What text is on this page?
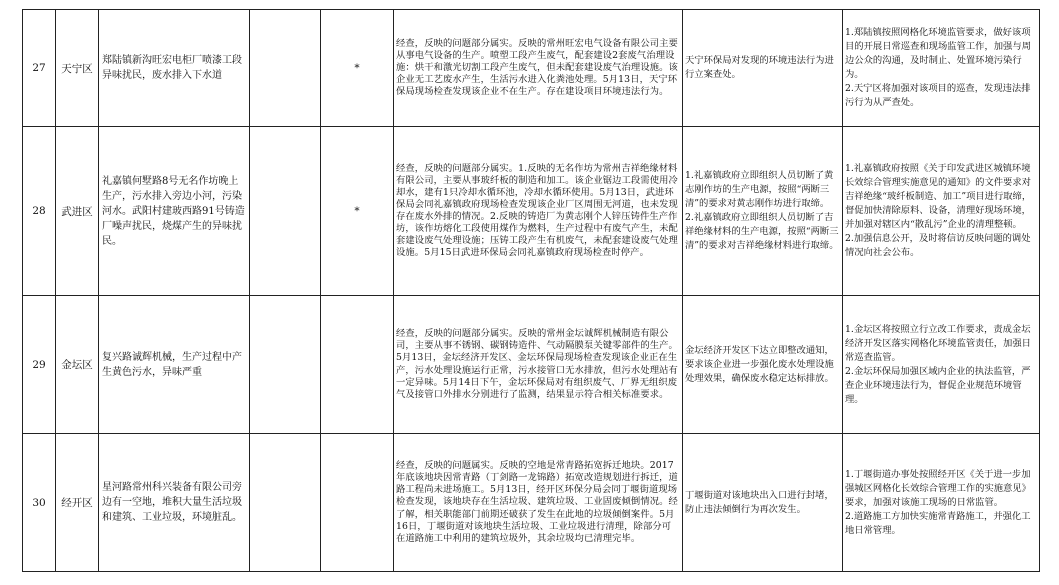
27	天宁区	郑陆镇新沟旺宏电柜厂喷漆工段异味扰民，废水排入下水道		*	经查，反映的问题部分属实。反映的常州旺宏电气设备有限公司主要从事电气设备的生产。喷塑工段产生废气，配套建设2套废气治理设施：烘干和激光切割工段产生废气，但未配套建设废气治理设施。该企业无工艺废水产生，生活污水进入化粪池处理。5月13日，天宁环保局现场检查发现该企业不在生产。存在建设项目环境违法行为。	天宁环保局对发现的环境违法行为进行立案查处。	1.郑陆镇按照网格化环境监管要求，做好该项目的开展日常巡查和现场监管工作，加强与周边公众的沟通，及时制止、处置环境污染行为。
2.天宁区将加强对该项目的巡查，发现违法排污行为从严查处。

28	武进区	礼嘉镇何墅路8号无名作坊晚上生产，污水排入旁边小河，污染河水。武阳村建玻西路91号铸造厂噪声扰民，烧煤产生的异味扰民。		*	经查，反映的问题部分属实。1.反映的无名作坊为常州吉祥绝缘材料有限公司，主要从事玻纤板的制造和加工。该企业锯边工段需使用冷却水，建有1只冷却水循环池，冷却水循环使用。5月13日，武进环保局会同礼嘉镇政府现场检查发现该企业厂区周围无河道，也未发现存在废水外排的情况。2.反映的铸造厂为黄志刚个人锌压铸件生产作坊，该作坊熔化工段使用煤作为燃料，生产过程中有废气产生，未配套建设废气处理设施；压铸工段产生有机废气，未配套建设废气处理设施。5月15日武进环保局会同礼嘉镇政府现场检查时停产。	1.礼嘉镇政府立即组织人员切断了黄志刚作坊的生产电源，按照“两断三清”的要求对黄志刚作坊进行取缔。
2.礼嘉镇政府立即组织人员切断了吉祥绝缘材料的生产电源，按照“两断三清”的要求对吉祥绝缘材料进行取缔。	1.礼嘉镇政府按照《关于印发武进区城镇环境长效综合管理实施意见的通知》的文件要求对吉祥绝缘“玻纤板制造、加工”项目进行取缔，督促加快清除原料、设备，清理好现场环境，并加强对辖区内“散乱污”企业的清理整顿。
2.加强信息公开，及时将信访反映问题的调处情况向社会公布。

29	金坛区	复兴路诚辉机械，生产过程中产生黄色污水，异味严重			经查，反映的问题部分属实。反映的常州金坛诚辉机械制造有限公司，主要从事不锈钢、碳钢铸造件、气动隔膜泵关键零部件的生产。5月13日，金坛经济开发区、金坛环保局现场检查发现该企业正在生产，污水处理设施运行正常，污水接管口无水排放，但污水处理站有一定异味。5月14日下午，金坛环保局对有组织废气、厂界无组织废气及接管口外排水分别进行了监测，结果显示符合相关标准要求。	金坛经济开发区下达立即整改通知，要求该企业进一步强化废水处理设施处理效果，确保废水稳定达标排放。	1.金坛区将按照立行立改工作要求，责成金坛经济开发区落实网格化环境监管责任，加强日常巡查监管。
2.金坛环保局加强区域内企业的执法监管，严查企业环境违法行为，督促企业规范环境管理。

30	经开区	星河路常州科兴装备有限公司旁边有一空地，堆积大量生活垃圾和建筑、工业垃圾，环境脏乱。			经查，反映的问题属实。反映的空地是常青路拓宽拆迁地块。2017年底该地块因常青路（丁剑路一龙锦路）拓宽改造规划进行拆迁，道路工程尚未进场施工。5月13日，经开区环保分局会同丁堰街道现场检查发现，该地块存在生活垃圾、建筑垃圾、工业固废倾倒情况。经了解，相关职能部门前期还破获了发生在此地的垃圾倾倒案件。5月16日，丁堰街道对该地块生活垃圾、工业垃圾进行清理，除部分可在道路施工中利用的建筑垃圾外，其余垃圾均已清理完毕。	丁堰街道对该地块出入口进行封堵，防止违法倾倒行为再次发生。	1.丁堰街道办事处按照经开区《关于进一步加强城区网格化长效综合管理工作的实施意见》要求，加强对该施工现场的日常监管。
2.道路施工方加快实施常青路施工，并强化工地日常管理。
